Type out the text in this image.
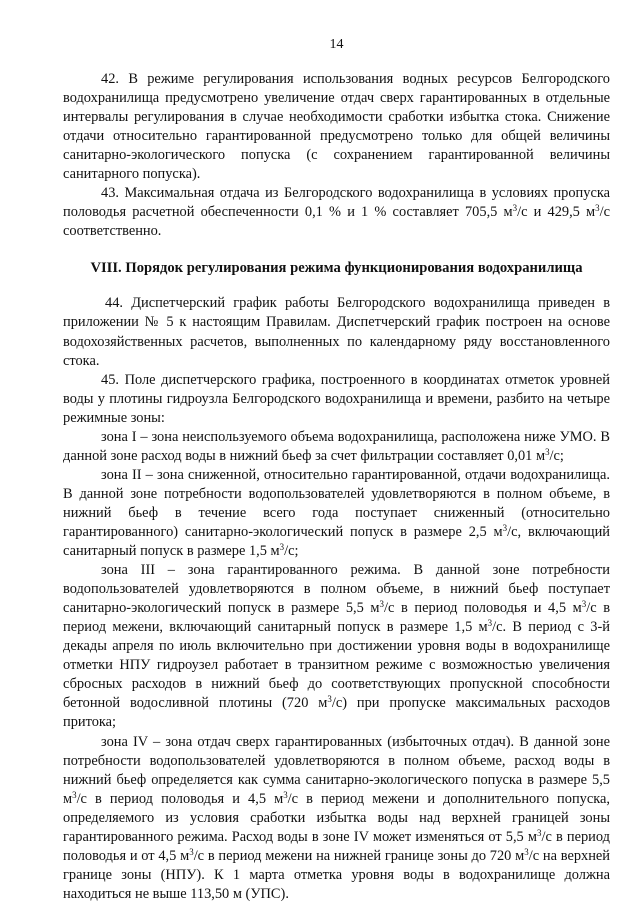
14

42. В режиме регулирования использования водных ресурсов Белгородского водохранилища предусмотрено увеличение отдач сверх гарантированных в отдельные интервалы регулирования в случае необходимости сработки избытка стока. Снижение отдачи относительно гарантированной предусмотрено только для общей величины санитарно-экологического попуска (с сохранением гарантированной величины санитарного попуска).

43. Максимальная отдача из Белгородского водохранилища в условиях пропуска половодья расчетной обеспеченности 0,1 % и 1 % составляет 705,5 $м^3/с$ и 429,5 $м^3/с$ соответственно.

VIII. Порядок регулирования режима функционирования водохранилища

44. Диспетчерский график работы Белгородского водохранилища приведен в приложении № 5 к настоящим Правилам. Диспетчерский график построен на основе водохозяйственных расчетов, выполненных по календарному ряду восстановленного стока.

45. Поле диспетчерского графика, построенного в координатах отметок уровней воды у плотины гидроузла Белгородского водохранилища и времени, разбито на четыре режимные зоны:

зона I – зона неиспользуемого объема водохранилища, расположена ниже УМО. В данной зоне расход воды в нижний бьеф за счет фильтрации составляет 0,01 $м^3/с$;

зона II – зона сниженной, относительно гарантированной, отдачи водохранилища. В данной зоне потребности водопользователей удовлетворяются в полном объеме, в нижний бьеф в течение всего года поступает сниженный (относительно гарантированного) санитарно-экологический попуск в размере 2,5 $м^3/с$, включающий санитарный попуск в размере 1,5 $м^3/с$;

зона III – зона гарантированного режима. В данной зоне потребности водопользователей удовлетворяются в полном объеме, в нижний бьеф поступает санитарно-экологический попуск в размере 5,5 $м^3/с$ в период половодья и 4,5 $м^3/с$ в период межени, включающий санитарный попуск в размере 1,5 $м^3/с$. В период с 3-й декады апреля по июль включительно при достижении уровня воды в водохранилище отметки НПУ гидроузел работает в транзитном режиме с возможностью увеличения сбросных расходов в нижний бьеф до соответствующих пропускной способности бетонной водосливной плотины (720 $м^3/с$) при пропуске максимальных расходов притока;

зона IV – зона отдач сверх гарантированных (избыточных отдач). В данной зоне потребности водопользователей удовлетворяются в полном объеме, расход воды в нижний бьеф определяется как сумма санитарно-экологического попуска в размере 5,5 $м^3/с$ в период половодья и 4,5 $м^3/с$ в период межени и дополнительного попуска, определяемого из условия сработки избытка воды над верхней границей зоны гарантированного режима. Расход воды в зоне IV может изменяться от 5,5 $м^3/с$ в период половодья и от 4,5 $м^3/с$ в период межени на нижней границе зоны до 720 $м^3/с$ на верхней границе зоны (НПУ). К 1 марта отметка уровня воды в водохранилище должна находиться не выше 113,50 м (УПС).
